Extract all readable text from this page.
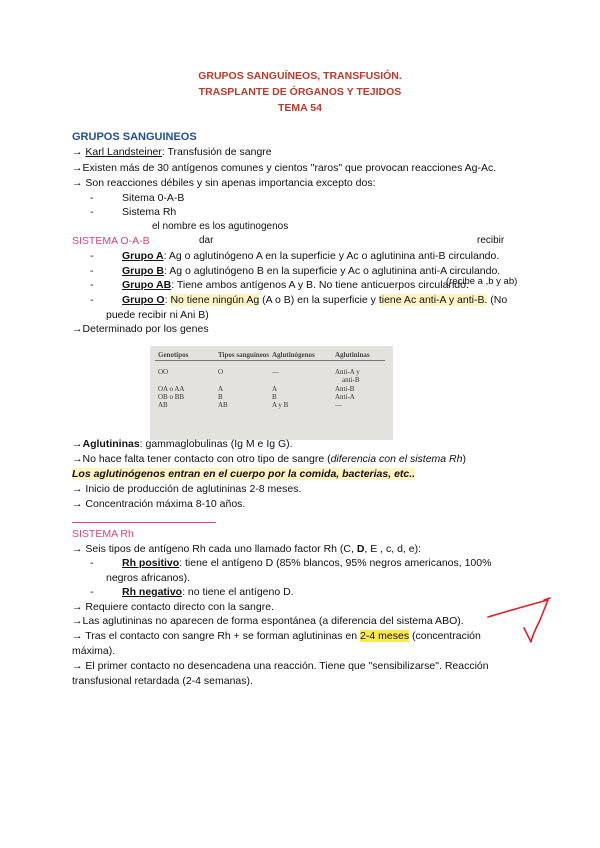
GRUPOS SANGUÍNEOS, TRANSFUSIÓN.
TRASPLANTE DE ÓRGANOS Y TEJIDOS
TEMA 54
GRUPOS SANGUINEOS
→ Karl Landsteiner: Transfusión de sangre
→Existen más de 30 antígenos comunes y cientos "raros" que provocan reacciones Ag-Ac.
→ Son reacciones débiles y sin apenas importancia excepto dos:
-	Sitema 0-A-B
-	Sistema Rh
el nombre es los agutinogenos
SISTEMA O-A-B	dar	recibir
-	Grupo A: Ag o aglutinógeno A en la superficie y Ac o aglutinina anti-B circulando.
-	Grupo B: Ag o aglutinógeno B en la superficie y Ac o aglutinina anti-A circulando.
-	Grupo AB: Tiene ambos antígenos A y B. No tiene anticuerpos circulando.
(recibe a ,b y ab)
-	Grupo O: No tiene ningún Ag (A o B) en la superficie y tiene Ac anti-A y anti-B. (No
puede recibir ni Ani B)
→Determinado por los genes
Genotipos	Tipos sanguíneos Aglutinógenos	Aglutininas
OO	O	—	Anti-A y
anti-B
OA o AA	A	A	Anti-B
OB o BB	B	B	Anti-A
AB	AB	A y B	—
→Aglutininas: gammaglobulinas (Ig M e Ig G).
→No hace falta tener contacto con otro tipo de sangre (diferencia con el sistema Rh)
Los aglutinógenos entran en el cuerpo por la comida, bacterias, etc..
→ Inicio de producción de aglutininas 2-8 meses.
→ Concentración máxima 8-10 años.
SISTEMA Rh
→ Seis tipos de antígeno Rh cada uno llamado factor Rh (C, D, E , c, d, e):
-	Rh positivo: tiene el antígeno D (85% blancos, 95% negros americanos, 100%
negros africanos).
-	Rh negativo: no tiene el antígeno D.
→ Requiere contacto directo con la sangre.
→Las aglutininas no aparecen de forma espontánea (a diferencia del sistema ABO).
→ Tras el contacto con sangre Rh + se forman aglutininas en 2-4 meses (concentración
máxima).
→ El primer contacto no desencadena una reacción. Tiene que "sensibilizarse". Reacción
transfusional retardada (2-4 semanas).
